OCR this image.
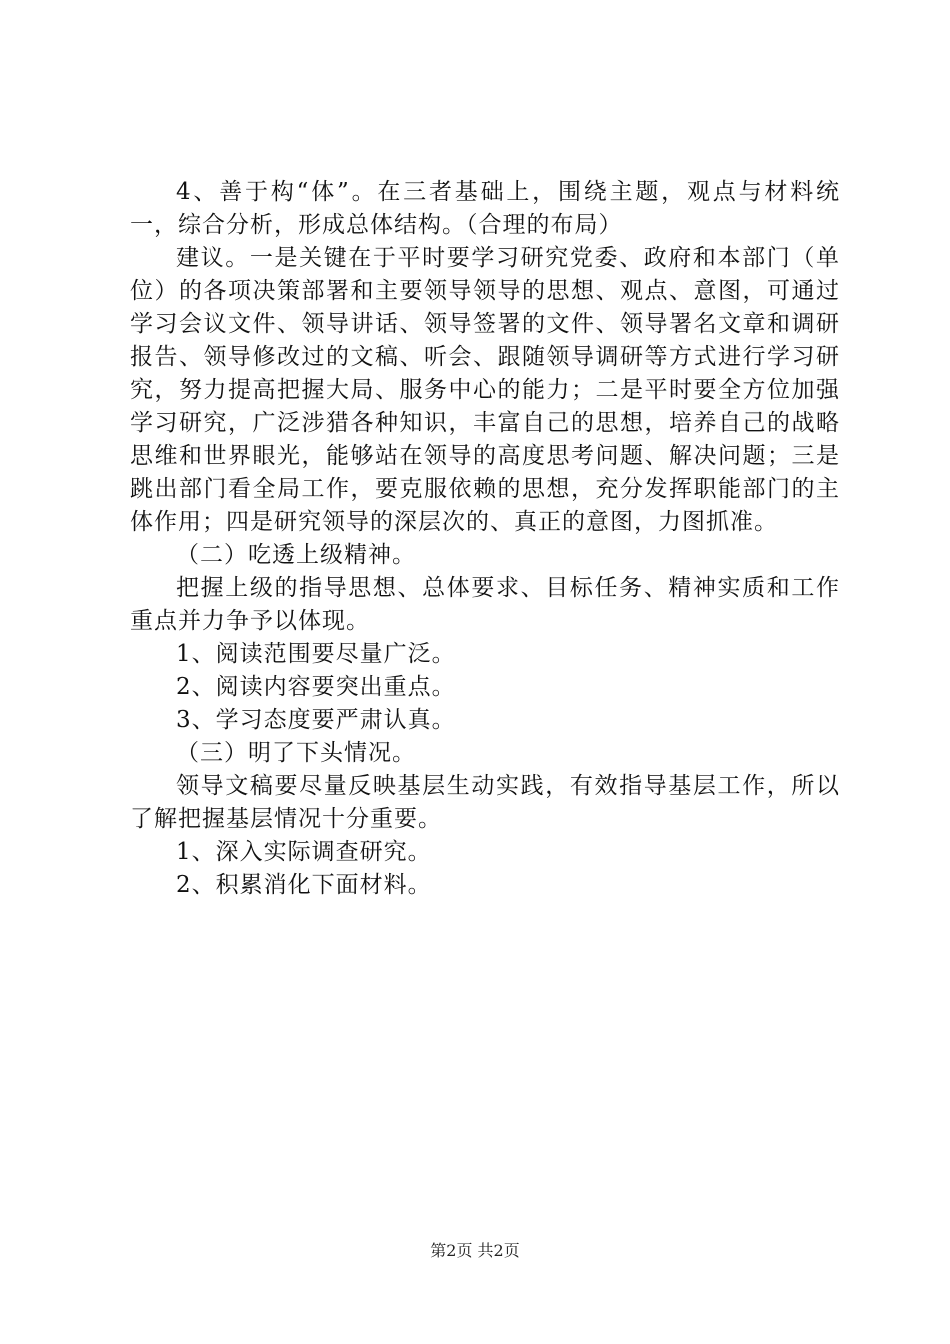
4、善于构“体”。在三者基础上，围绕主题，观点与材料统一，综合分析，形成总体结构。（合理的布局）

建议。一是关键在于平时要学习研究党委、政府和本部门（单位）的各项决策部署和主要领导领导的思想、观点、意图，可通过学习会议文件、领导讲话、领导签署的文件、领导署名文章和调研报告、领导修改过的文稿、听会、跟随领导调研等方式进行学习研究，努力提高把握大局、服务中心的能力；二是平时要全方位加强学习研究，广泛涉猎各种知识，丰富自己的思想，培养自己的战略思维和世界眼光，能够站在领导的高度思考问题、解决问题；三是跳出部门看全局工作，要克服依赖的思想，充分发挥职能部门的主体作用；四是研究领导的深层次的、真正的意图，力图抓准。

（二）吃透上级精神。

把握上级的指导思想、总体要求、目标任务、精神实质和工作重点并力争予以体现。

1、阅读范围要尽量广泛。

2、阅读内容要突出重点。

3、学习态度要严肃认真。

（三）明了下头情况。

领导文稿要尽量反映基层生动实践，有效指导基层工作，所以了解把握基层情况十分重要。

1、深入实际调查研究。

2、积累消化下面材料。

第2页 共2页
